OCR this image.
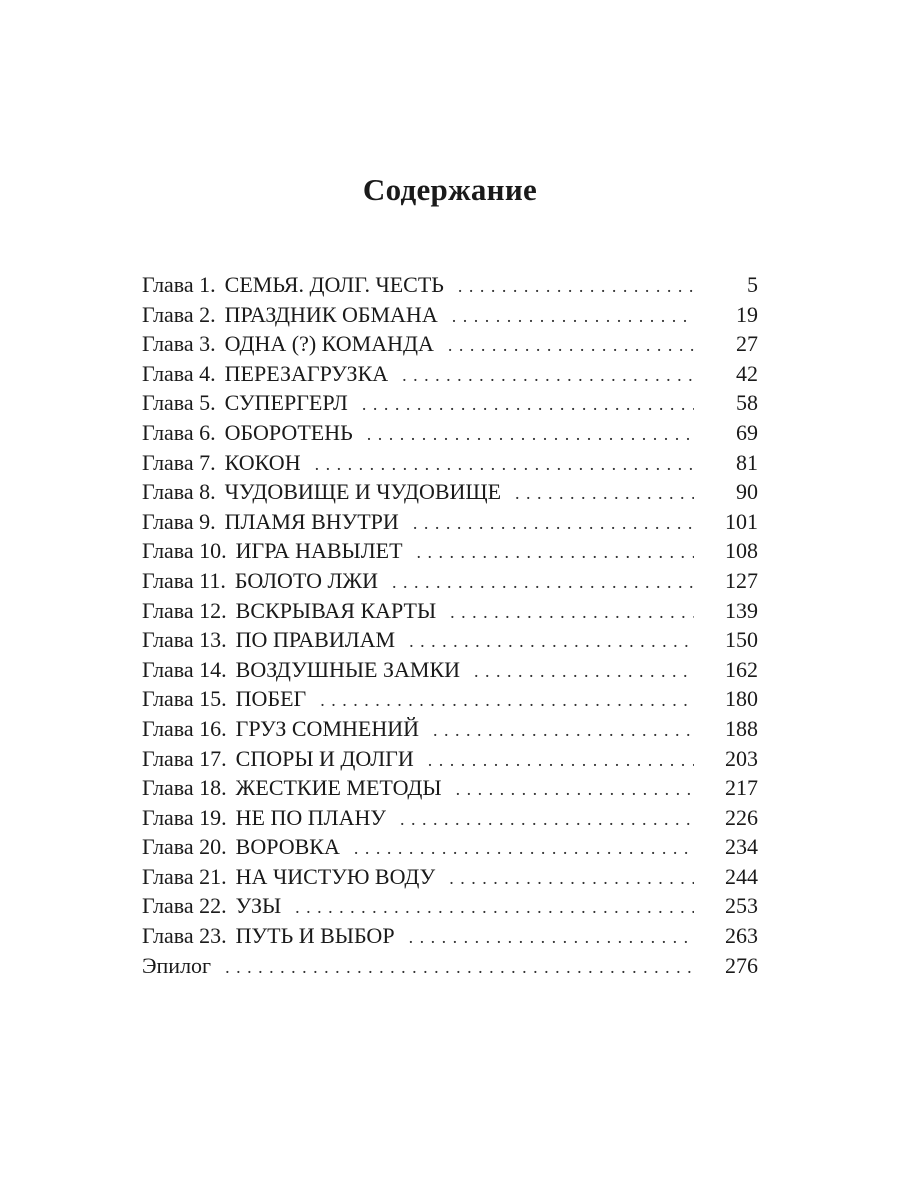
Содержание
Глава 1. СЕМЬЯ. ДОЛГ. ЧЕСТЬ . . .	5
Глава 2. ПРАЗДНИК ОБМАНА . . .	19
Глава 3. ОДНА (?) КОМАНДА . . .	27
Глава 4. ПЕРЕЗАГРУЗКА . . .	42
Глава 5. СУПЕРГЕРЛ . . .	58
Глава 6. ОБОРОТЕНЬ . . .	69
Глава 7. КОКОН . . .	81
Глава 8. ЧУДОВИЩЕ И ЧУДОВИЩЕ . . .	90
Глава 9. ПЛАМЯ ВНУТРИ . . .	101
Глава 10. ИГРА НАВЫЛЕТ . . .	108
Глава 11. БОЛОТО ЛЖИ . . .	127
Глава 12. ВСКРЫВАЯ КАРТЫ . . .	139
Глава 13. ПО ПРАВИЛАМ . . .	150
Глава 14. ВОЗДУШНЫЕ ЗАМКИ . . .	162
Глава 15. ПОБЕГ . . .	180
Глава 16. ГРУЗ СОМНЕНИЙ . . .	188
Глава 17. СПОРЫ И ДОЛГИ . . .	203
Глава 18. ЖЕСТКИЕ МЕТОДЫ . . .	217
Глава 19. НЕ ПО ПЛАНУ . . .	226
Глава 20. ВОРОВКА . . .	234
Глава 21. НА ЧИСТУЮ ВОДУ . . .	244
Глава 22. УЗЫ . . .	253
Глава 23. ПУТЬ И ВЫБОР . . .	263
Эпилог . . .	276
